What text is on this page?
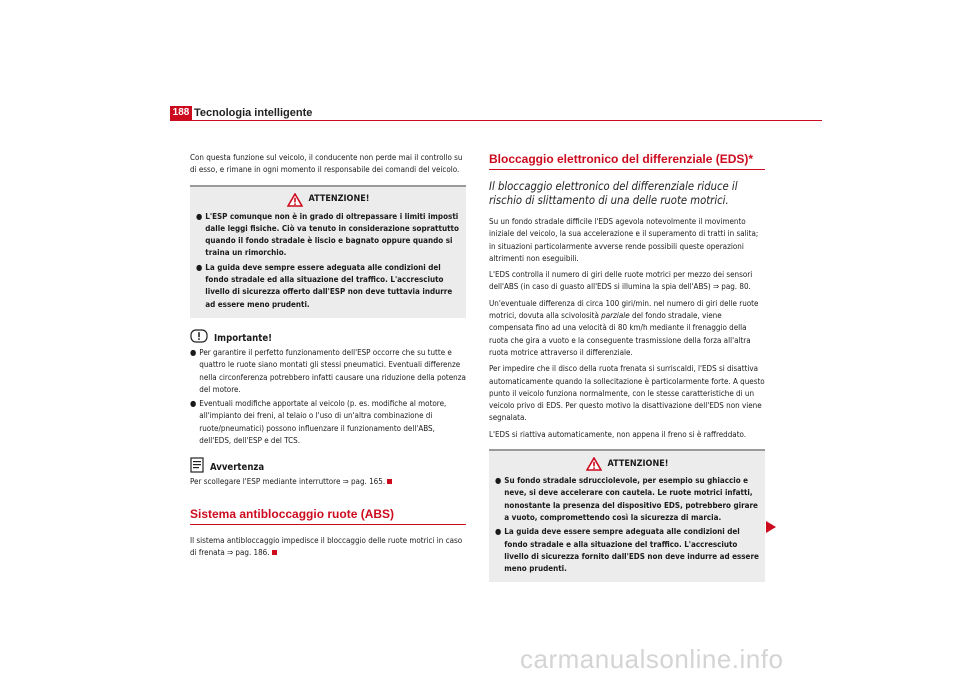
188 Tecnologia intelligente

Con questa funzione sul veicolo, il conducente non perde mai il controllo su di esso, e rimane in ogni momento il responsabile dei comandi del veicolo.

ATTENZIONE!
● L'ESP comunque non è in grado di oltrepassare i limiti imposti dalle leggi fisiche. Ciò va tenuto in considerazione soprattutto quando il fondo stradale è liscio e bagnato oppure quando si traina un rimorchio.
● La guida deve sempre essere adeguata alle condizioni del fondo stradale ed alla situazione del traffico. L'accresciuto livello di sicurezza offerto dall'ESP non deve tuttavia indurre ad essere meno prudenti.
Importante!
● Per garantire il perfetto funzionamento dell'ESP occorre che su tutte e quattro le ruote siano montati gli stessi pneumatici. Eventuali differenze nella circonferenza potrebbero infatti causare una riduzione della potenza del motore.
● Eventuali modifiche apportate al veicolo (p. es. modifiche al motore, all'impianto dei freni, al telaio o l'uso di un'altra combinazione di ruote/pneumatici) possono influenzare il funzionamento dell'ABS, dell'EDS, dell'ESP e del TCS.
Avvertenza

Per scollegare l'ESP mediante interruttore ⇒ pag. 165.

Sistema antibloccaggio ruote (ABS)

Il sistema antibloccaggio impedisce il bloccaggio delle ruote motrici in caso di frenata ⇒ pag. 186.

Bloccaggio elettronico del differenziale (EDS)*
Il bloccaggio elettronico del differenziale riduce il rischio di slittamento di una delle ruote motrici.

Su un fondo stradale difficile l'EDS agevola notevolmente il movimento iniziale del veicolo, la sua accelerazione e il superamento di tratti in salita; in situazioni particolarmente avverse rende possibili queste operazioni altrimenti non eseguibili.

L'EDS controlla il numero di giri delle ruote motrici per mezzo dei sensori dell'ABS (in caso di guasto all'EDS si illumina la spia dell'ABS) ⇒ pag. 80.

Un'eventuale differenza di circa 100 giri/min. nel numero di giri delle ruote motrici, dovuta alla scivolosità parziale del fondo stradale, viene compensata fino ad una velocità di 80 km/h mediante il frenaggio della ruota che gira a vuoto e la conseguente trasmissione della forza all'altra ruota motrice attraverso il differenziale.

Per impedire che il disco della ruota frenata si surriscaldi, l'EDS si disattiva automaticamente quando la sollecitazione è particolarmente forte. A questo punto il veicolo funziona normalmente, con le stesse caratteristiche di un veicolo privo di EDS. Per questo motivo la disattivazione dell'EDS non viene segnalata.

L'EDS si riattiva automaticamente, non appena il freno si è raffreddato.

ATTENZIONE!
● Su fondo stradale sdrucciolevole, per esempio su ghiaccio e neve, si deve accelerare con cautela. Le ruote motrici infatti, nonostante la presenza del dispositivo EDS, potrebbero girare a vuoto, compromettendo così la sicurezza di marcia.
● La guida deve essere sempre adeguata alle condizioni del fondo stradale e alla situazione del traffico. L'accresciuto livello di sicurezza fornito dall'EDS non deve indurre ad essere meno prudenti.
carmanualsonline.info
